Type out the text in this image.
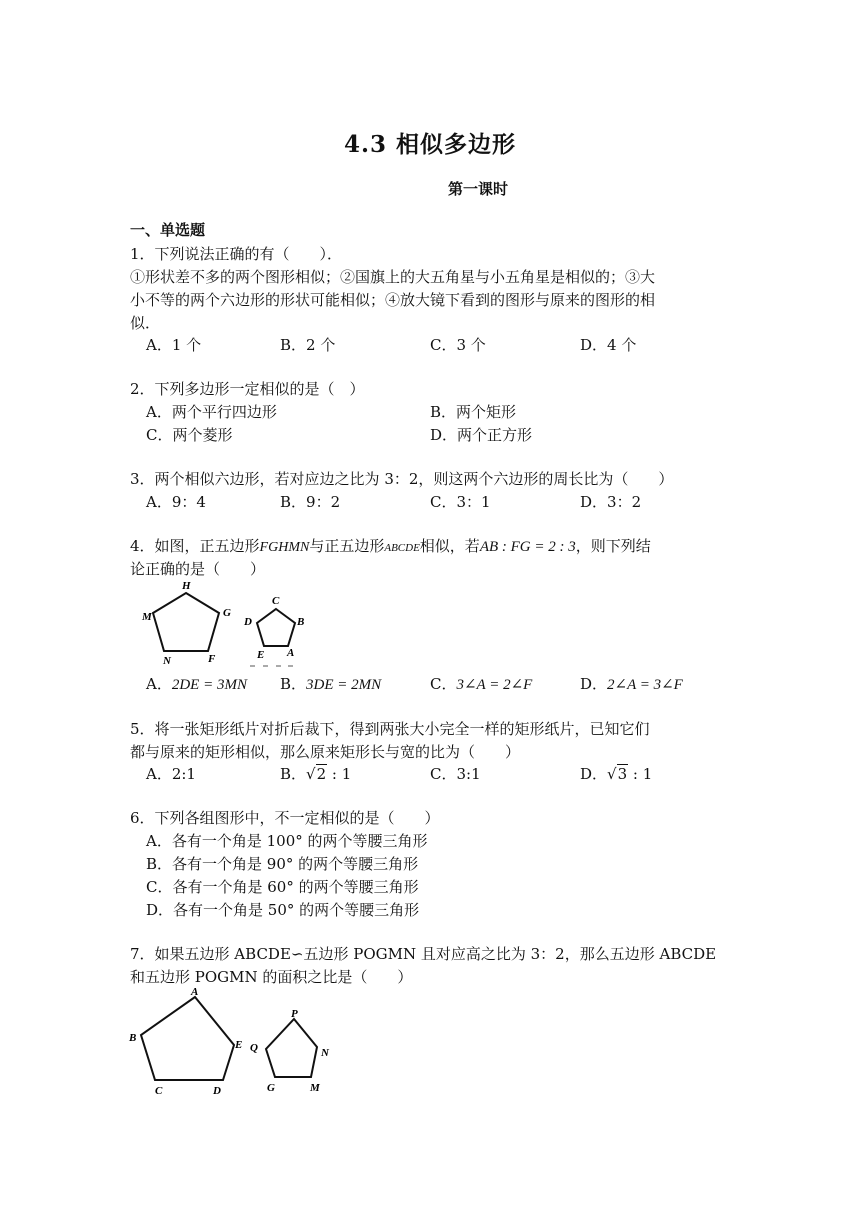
4.3 相似多边形
第一课时
一、单选题
1．下列说法正确的有（　　）．
①形状差不多的两个图形相似；②国旗上的大五角星与小五角星是相似的；③大
小不等的两个六边形的形状可能相似；④放大镜下看到的图形与原来的图形的相
似．
A．1 个	B．2 个	C．3 个	D．4 个
2．下列多边形一定相似的是（　）
A．两个平行四边形	B．两个矩形
C．两个菱形	D．两个正方形
3．两个相似六边形，若对应边之比为 3：2，则这两个六边形的周长比为（　　）
A．9：4	B．9：2	C．3：1	D．3：2
4．如图，正五边形FGHMN与正五边形ABCDE相似，若AB : FG = 2 : 3，则下列结
论正确的是（　　）
H
G
M
N	F
C
D	B
E A
A．2DE = 3MN B．3DE = 2MN	C．3∠A = 2∠F	D．2∠A = 3∠F
5．将一张矩形纸片对折后裁下，得到两张大小完全一样的矩形纸片，已知它们
都与原来的矩形相似，那么原来矩形长与宽的比为（　　）
A．2:1	B．√2 : 1	C．3:1	D．√3 : 1
6．下列各组图形中，不一定相似的是（　　）
A．各有一个角是 100° 的两个等腰三角形
B．各有一个角是 90° 的两个等腰三角形
C．各有一个角是 60° 的两个等腰三角形
D．各有一个角是 50° 的两个等腰三角形
7．如果五边形 ABCDE∽五边形 POGMN 且对应高之比为 3：2，那么五边形 ABCDE
和五边形 POGMN 的面积之比是（　　）
A
B
E
C	D
P
Q	N
G	M
